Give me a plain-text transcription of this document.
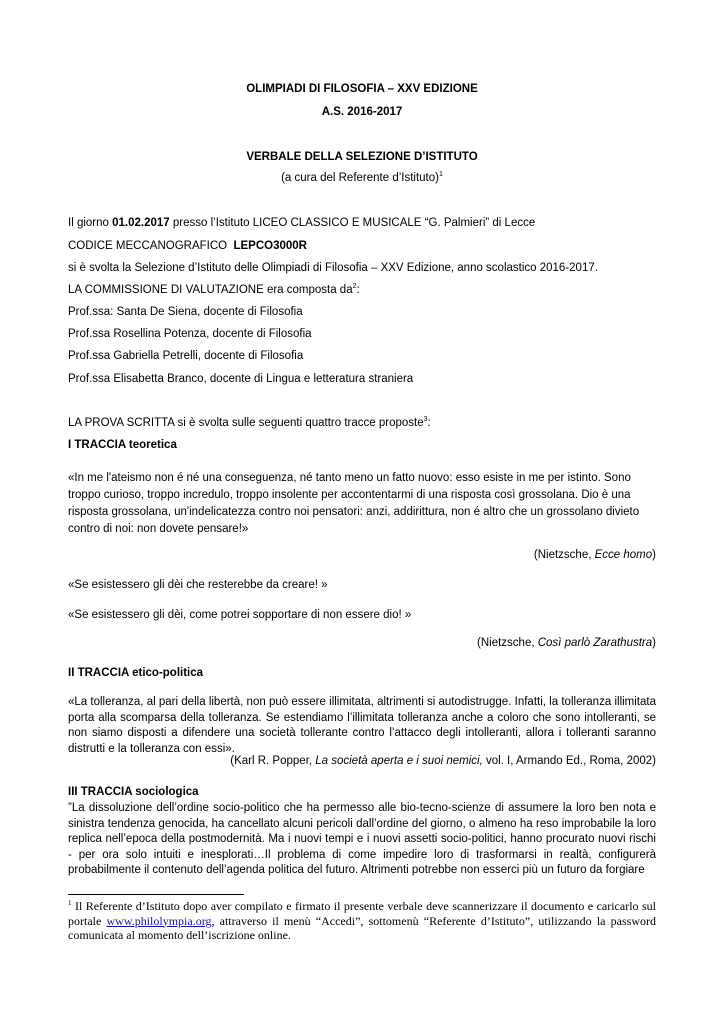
OLIMPIADI DI FILOSOFIA – XXV EDIZIONE
A.S. 2016-2017
VERBALE DELLA SELEZIONE D’ISTITUTO
(a cura del Referente d’Istituto)$^1$
Il giorno 01.02.2017 presso l’Istituto LICEO CLASSICO E MUSICALE “G. Palmieri” di Lecce
CODICE MECCANOGRAFICO  LEPCO3000R
si è svolta la Selezione d’Istituto delle Olimpiadi di Filosofia – XXV Edizione, anno scolastico 2016-2017.
LA COMMISSIONE DI VALUTAZIONE era composta $da^2$:
Prof.ssa: Santa De Siena, docente di Filosofia
Prof.ssa Rosellina Potenza, docente di Filosofia
Prof.ssa Gabriella Petrelli, docente di Filosofia
Prof.ssa Elisabetta Branco, docente di Lingua e letteratura straniera
LA PROVA SCRITTA si è svolta sulle seguenti quattro tracce proposte$^3$:
I TRACCIA teoretica
«In me l'ateismo non é né una conseguenza, né tanto meno un fatto nuovo: esso esiste in me per istinto. Sono troppo curioso, troppo incredulo, troppo insolente per accontentarmi di una risposta così grossolana. Dio è una risposta grossolana, un'indelicatezza contro noi pensatori: anzi, addirittura, non é altro che un grossolano divieto contro di noi: non dovete pensare!»
(Nietzsche, Ecce homo)
«Se esistessero gli dèi che resterebbe da creare! »
«Se esistessero gli dèi, come potrei sopportare di non essere dio! »
(Nietzsche, Così parlò Zarathustra)
II TRACCIA etico-politica
«La tolleranza, al pari della libertà, non può essere illimitata, altrimenti si autodistrugge. Infatti, la tolleranza illimitata porta alla scomparsa della tolleranza. Se estendiamo l’illimitata tolleranza anche a coloro che sono intolleranti, se non siamo disposti a difendere una società tollerante contro l’attacco degli intolleranti, allora i tolleranti saranno distrutti e la tolleranza con essi».
(Karl R. Popper, La società aperta e i suoi nemici, vol. I, Armando Ed., Roma, 2002)
III TRACCIA sociologica
”La dissoluzione dell’ordine socio-politico che ha permesso alle bio-tecno-scienze di assumere la loro ben nota e sinistra tendenza genocida, ha cancellato alcuni pericoli dall’ordine del giorno, o almeno ha reso improbabile la loro replica nell’epoca della postmodernità. Ma i nuovi tempi e i nuovi assetti socio-politici, hanno procurato nuovi rischi - per ora solo intuiti e inesplorati…Il problema di come impedire loro di trasformarsi in realtà, configurerà probabilmente il contenuto dell’agenda politica del futuro. Altrimenti potrebbe non esserci più un futuro da forgiare
$^1$ Il Referente d’Istituto dopo aver compilato e firmato il presente verbale deve scannerizzare il documento e caricarlo sul portale www.philolympia.org, attraverso il menù “Accedi”, sottomenù “Referente d’Istituto”, utilizzando la password comunicata al momento dell’iscrizione online.
